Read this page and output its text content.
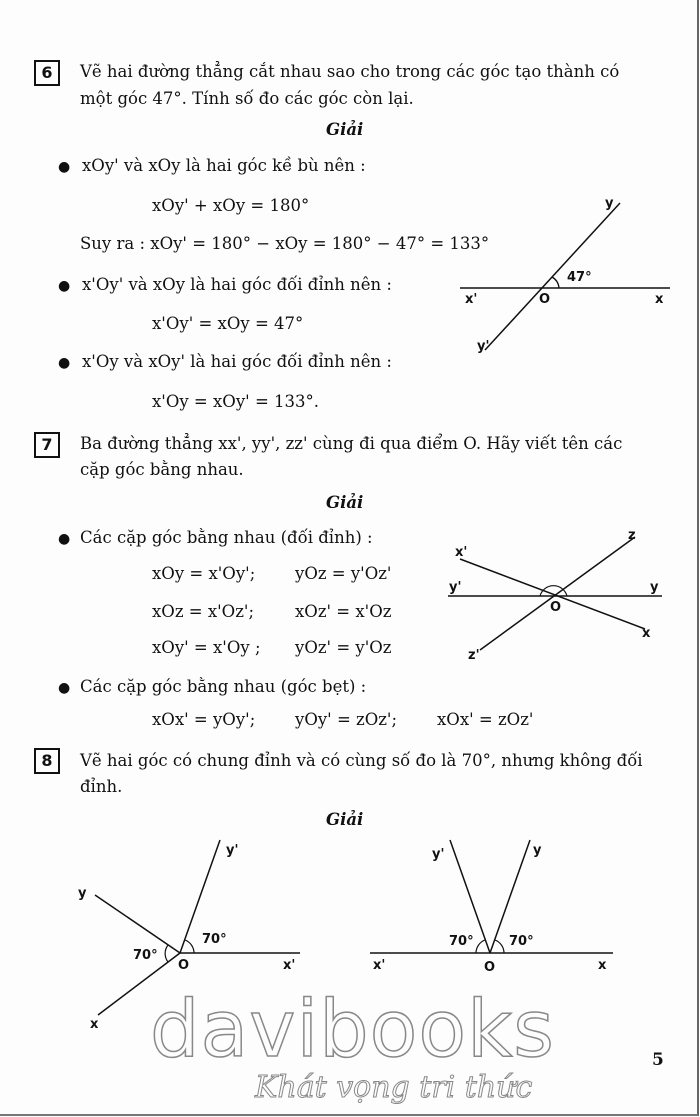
6	Vẽ hai đường thẳng cắt nhau sao cho trong các góc tạo thành có
một góc 47°. Tính số đo các góc còn lại.
Giải
● xOy' và xOy là hai góc kề bù nên :
xOy' + xOy = 180°
Suy ra : xOy' = 180° − xOy = 180° − 47° = 133°
● x'Oy' và xOy là hai góc đối đỉnh nên :
x'Oy' = xOy = 47°
● x'Oy và xOy' là hai góc đối đỉnh nên :
x'Oy = xOy' = 133°.
y
x
x'	O
y'
47°
7	Ba đường thẳng xx', yy', zz' cùng đi qua điểm O. Hãy viết tên các
cặp góc bằng nhau.
Giải
● Các cặp góc bằng nhau (đối đỉnh) :
xOy = x'Oy'; yOz = y'Oz'
xOz = x'Oz'; xOz' = x'Oz
xOy' = x'Oy ; yOz' = y'Oz
● Các cặp góc bằng nhau (góc bẹt) :
xOx' = yOy'; yOy' = zOz'; xOx' = zOz'
z
x'
y'	y
O
x
z'
8	Vẽ hai góc có chung đỉnh và có cùng số đo là 70°, nhưng không đối
đỉnh.
Giải
y'
y
70°
70°
O	x'
x
y'	y
70°	70°
x'	O	x
davibooks
Khát vọng tri thức
5
